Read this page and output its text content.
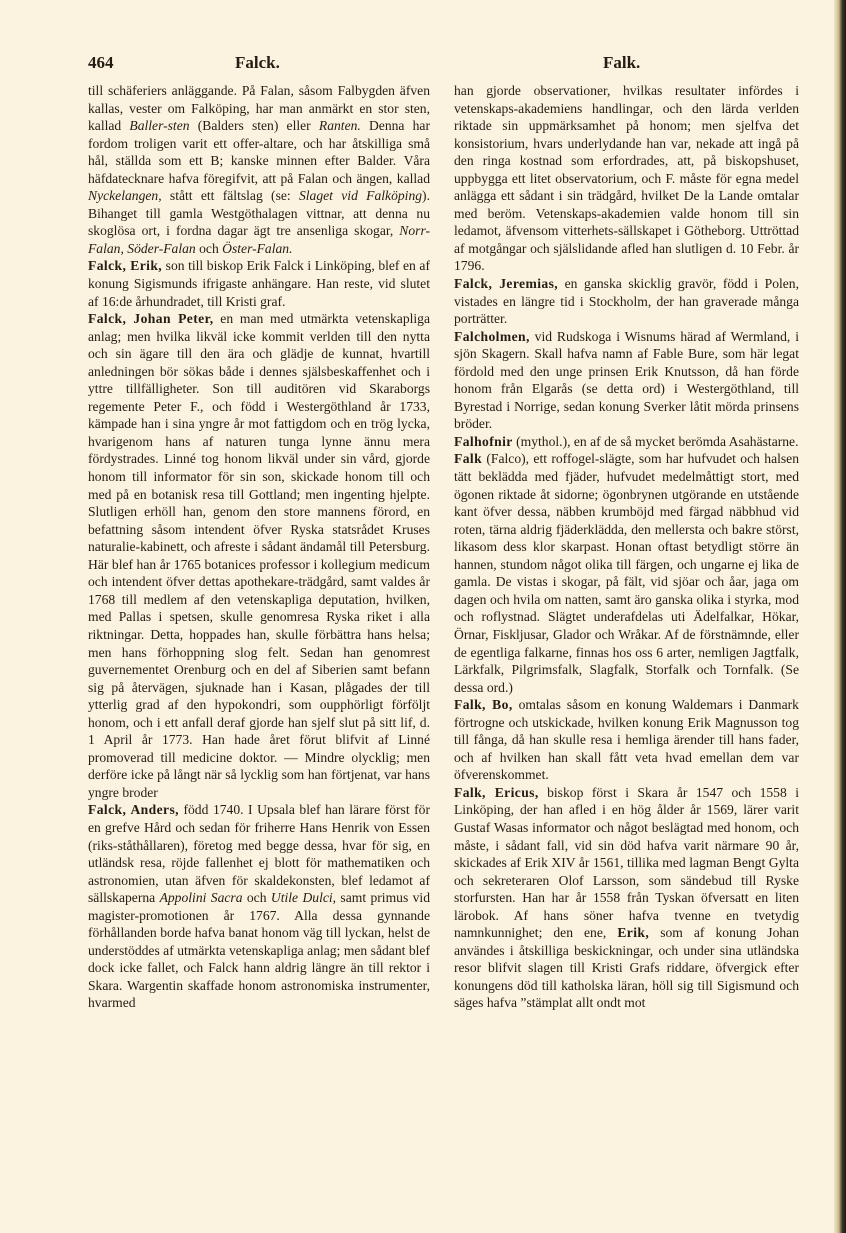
464	Falck.	Falk.

till schäferiers anläggande. På Falan, såsom Falbygden äfven kallas, vester om Falköping, har man anmärkt en stor sten, kallad Baller-sten (Balders sten) eller Ranten. Denna har fordom troligen varit ett offer-altare, och har åtskilliga små hål, ställda som ett B; kanske minnen efter Balder. Våra häfdatecknare hafva föregifvit, att på Falan och ängen, kallad Nyckelangen, stått ett fältslag (se: Slaget vid Falköping). Bihanget till gamla Westgöthalagen vittnar, att denna nu skoglösa ort, i fordna dagar ägt tre ansenliga skogar, Norr-Falan, Söder-Falan och Öster-Falan.

Falck, Erik, son till biskop Erik Falck i Linköping, blef en af konung Sigismunds ifrigaste anhängare. Han reste, vid slutet af 16:de århundradet, till Kristi graf.

Falck, Johan Peter, en man med utmärkta vetenskapliga anlag; men hvilka likväl icke kommit verlden till den nytta och sin ägare till den ära och glädje de kunnat, hvartill anledningen bör sökas både i dennes själsbeskaffenhet och i yttre tillfälligheter. Son till auditören vid Skaraborgs regemente Peter F., och född i Westergöthland år 1733, kämpade han i sina yngre år mot fattigdom och en trög lycka, hvarigenom hans af naturen tunga lynne ännu mera fördystrades. Linné tog honom likväl under sin vård, gjorde honom till informator för sin son, skickade honom till och med på en botanisk resa till Gottland; men ingenting hjelpte. Slutligen erhöll han, genom den store mannens förord, en befattning såsom intendent öfver Ryska statsrådet Kruses naturalie-kabinett, och afreste i sådant ändamål till Petersburg. Här blef han år 1765 botanices professor i kollegium medicum och intendent öfver dettas apothekare-trädgård, samt valdes år 1768 till medlem af den vetenskapliga deputation, hvilken, med Pallas i spetsen, skulle genomresa Ryska riket i alla riktningar. Detta, hoppades han, skulle förbättra hans helsa; men hans förhoppning slog felt. Sedan han genomrest guvernementet Orenburg och en del af Siberien samt befann sig på återvägen, sjuknade han i Kasan, plågades der till ytterlig grad af den hypokondri, som oupphörligt förföljt honom, och i ett anfall deraf gjorde han sjelf slut på sitt lif, d. 1 April år 1773. Han hade året förut blifvit af Linné promoverad till medicine doktor. — Mindre olycklig; men derföre icke på långt när så lycklig som han förtjenat, var hans yngre broder

Falck, Anders, född 1740. I Upsala blef han lärare först för en grefve Hård och sedan för friherre Hans Henrik von Essen (riks-ståthållaren), företog med begge dessa, hvar för sig, en utländsk resa, röjde fallenhet ej blott för mathematiken och astronomien, utan äfven för skaldekonsten, blef ledamot af sällskaperna Appolini Sacra och Utile Dulci, samt primus vid magister-promotionen år 1767. Alla dessa gynnande förhållanden borde hafva banat honom väg till lyckan, helst de understöddes af utmärkta vetenskapliga anlag; men sådant blef dock icke fallet, och Falck hann aldrig längre än till rektor i Skara. Wargentin skaffade honom astronomiska instrumenter, hvarmed

han gjorde observationer, hvilkas resultater infördes i vetenskaps-akademiens handlingar, och den lärda verlden riktade sin uppmärksamhet på honom; men sjelfva det konsistorium, hvars underlydande han var, nekade att ingå på den ringa kostnad som erfordrades, att, på biskopshuset, uppbygga ett litet observatorium, och F. måste för egna medel anlägga ett sådant i sin trädgård, hvilket De la Lande omtalar med beröm. Vetenskaps-akademien valde honom till sin ledamot, äfvensom vitterhets-sällskapet i Götheborg. Uttröttad af motgångar och själslidande afled han slutligen d. 10 Febr. år 1796.

Falck, Jeremias, en ganska skicklig gravör, född i Polen, vistades en längre tid i Stockholm, der han graverade många porträtter.

Falcholmen, vid Rudskoga i Wisnums härad af Wermland, i sjön Skagern. Skall hafva namn af Fable Bure, som här legat fördold med den unge prinsen Erik Knutsson, då han förde honom från Elgarås (se detta ord) i Westergöthland, till Byrestad i Norrige, sedan konung Sverker låtit mörda prinsens bröder.

Falhofnir (mythol.), en af de så mycket berömda Asahästarne.

Falk (Falco), ett roffogel-slägte, som har hufvudet och halsen tätt beklädda med fjäder, hufvudet medelmåttigt stort, med ögonen riktade åt sidorne; ögonbrynen utgörande en utstående kant öfver dessa, näbben krumböjd med färgad näbbhud vid roten, tärna aldrig fjäderklädda, den mellersta och bakre störst, likasom dess klor skarpast. Honan oftast betydligt större än hannen, stundom något olika till färgen, och ungarne ej lika de gamla. De vistas i skogar, på fält, vid sjöar och åar, jaga om dagen och hvila om natten, samt äro ganska olika i styrka, mod och roflystnad. Slägtet underafdelas uti Ädelfalkar, Hökar, Örnar, Fiskljusar, Glador och Wråkar. Af de förstnämnde, eller de egentliga falkarne, finnas hos oss 6 arter, nemligen Jagtfalk, Lärkfalk, Pilgrimsfalk, Slagfalk, Storfalk och Tornfalk. (Se dessa ord.)

Falk, Bo, omtalas såsom en konung Waldemars i Danmark förtrogne och utskickade, hvilken konung Erik Magnusson tog till fånga, då han skulle resa i hemliga ärender till hans fader, och af hvilken han skall fått veta hvad emellan dem var öfverenskommet.

Falk, Ericus, biskop först i Skara år 1547 och 1558 i Linköping, der han afled i en hög ålder år 1569, lärer varit Gustaf Wasas informator och något beslägtad med honom, och måste, i sådant fall, vid sin död hafva varit närmare 90 år, skickades af Erik XIV år 1561, tillika med lagman Bengt Gylta och sekreteraren Olof Larsson, som sändebud till Ryske storfursten. Han har år 1558 från Tyskan öfversatt en liten lärobok. Af hans söner hafva tvenne en tvetydig namnkunnighet; den ene, Erik, som af konung Johan användes i åtskilliga beskickningar, och under sina utländska resor blifvit slagen till Kristi Grafs riddare, öfvergick efter konungens död till katholska läran, höll sig till Sigismund och säges hafva ”stämplat allt ondt mot
